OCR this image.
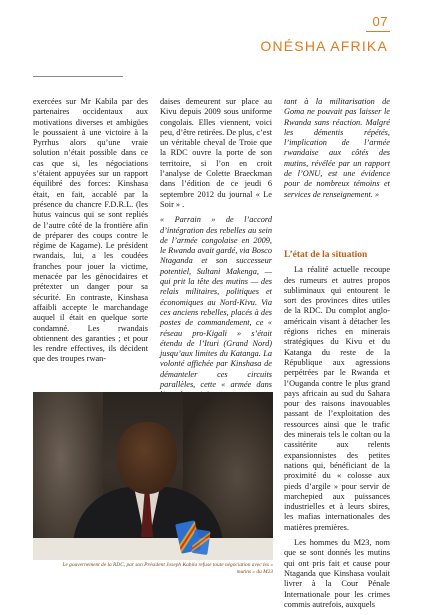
07
ONÉSHA AFRIKA

exercées sur Mr Kabila par des partenaires occidentaux aux motivations diverses et ambigües le poussaient à une victoire à la Pyrrhus alors qu’une vraie solution n’était possible dans ce cas que si, les négociations s’étaient appuyées sur un rapport équilibré des forces: Kinshasa était, en fait, accablé par la présence du chancre F.D.R.L. (les hutus vaincus qui se sont repliés de l’autre côté de la frontière afin de préparer des coups contre le régime de Kagame). Le président rwandais, lui, a les coudées franches pour jouer la victime, menacée par les génocidaires et prétexter un danger pour sa sécurité. En contraste, Kinshasa affaibli accepte le marchandage auquel il était en quelque sorte condamné. Les rwandais obtiennent des garanties ; et pour les rendre effectives, ils décident que des troupes rwan-

daises demeurent sur place au Kivu depuis 2009 sous uniforme congolais. Elles viennent, voici peu, d’être retirées. De plus, c’est un véritable cheval de Troie que la RDC ouvre la porte de son territoire, si l’on en croit l’analyse de Colette Braeckman dans l’édition de ce jeudi 6 septembre 2012 du journal « Le Soir » .

« Parrain » de l’accord d’intégration des rebelles au sein de l’armée congolaise en 2009, le Rwanda avait gardé, via Bosco Ntaganda et son successeur potentiel, Sultani Makenga, — qui prit la tête des mutins — des relais militaires, politiques et économiques au Nord-Kivu. Via ces anciens rebelles, placés à des postes de commandement, ce « réseau pro-Kigali » s’était étendu de l’Ituri (Grand Nord) jusqu’aux limites du Katanga. La volonté affichée par Kinshasa de démanteler ces circuits parallèles, cette « armée dans

tant à la militarisation de Goma ne pouvait pas laisser le Rwanda sans réaction. Malgré les démentis répétés, l’implication de l’armée rwandaise aux côtés des mutins, révélée par un rapport de l’ONU, est une évidence pour de nombreux témoins et services de renseignement. »

L’état de la situation

La réalité actuelle recoupe des rumeurs et autres propos subliminaux qui entourent le sort des provinces dites utiles de la RDC. Du complot anglo-américain visant à détacher les régions riches en minerais stratégiques du Kivu et du Katanga du reste de la République aux agressions perpétrées par le Rwanda et l’Ouganda contre le plus grand pays africain au sud du Sahara pour des raisons inavouables passant de l’exploitation des ressources ainsi que le trafic des minerais tels le coltan ou la cassitérite aux relents expansionnistes des petites nations qui, bénéficiant de la proximité du « colosse aux pieds d’argile » pour servir de marchepied aux puissances industrielles et à leurs sbires, les mafias internationales des matières premières.

Les hommes du M23, nom que se sont donnés les mutins qui ont pris fait et cause pour Ntaganda que Kinshasa voulait livrer à la Cour Pénale Internationale pour les crimes commis autrefois, auxquels

Le gouvernement de la RDC, par son Président Joseph Kabila refuse toute négociation avec les « mutins » du M23
